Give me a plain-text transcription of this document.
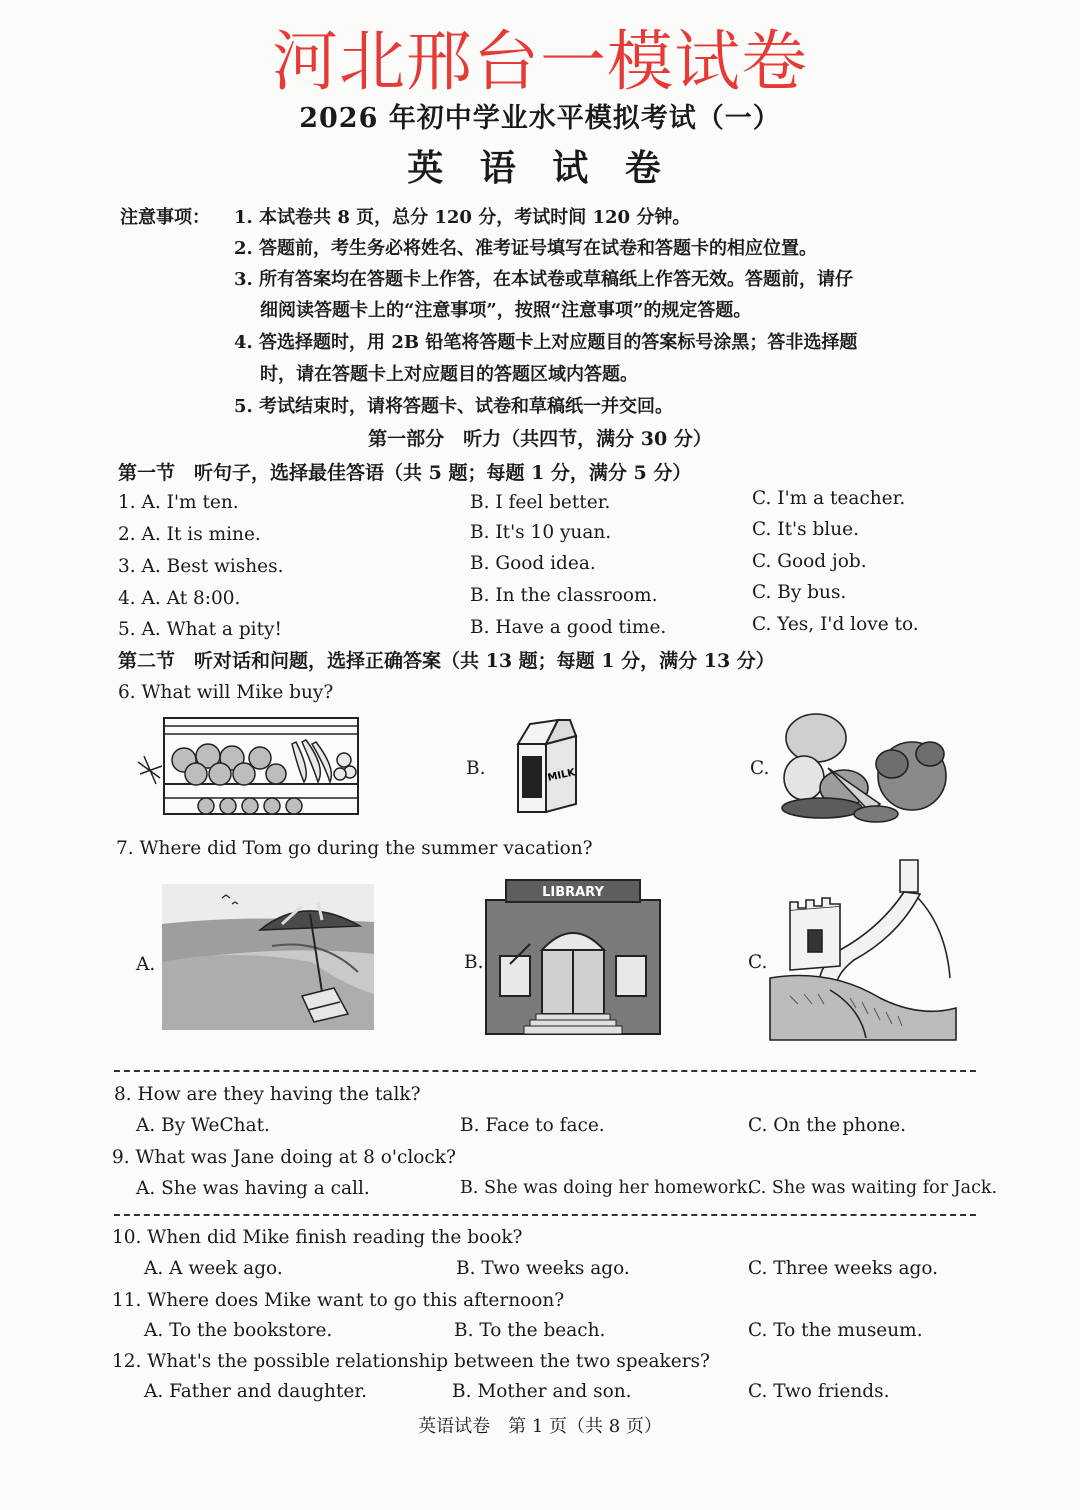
河北邢台一模试卷
2026 年初中学业水平模拟考试（一）
英 语 试 卷
注意事项： 1. 本试卷共 8 页，总分 120 分，考试时间 120 分钟。
2. 答题前，考生务必将姓名、准考证号填写在试卷和答题卡的相应位置。
3. 所有答案均在答题卡上作答，在本试卷或草稿纸上作答无效。答题前，请仔
细阅读答题卡上的“注意事项”，按照“注意事项”的规定答题。
4. 答选择题时，用 2B 铅笔将答题卡上对应题目的答案标号涂黑；答非选择题
时，请在答题卡上对应题目的答题区域内答题。
5. 考试结束时，请将答题卡、试卷和草稿纸一并交回。
第一部分　听力（共四节，满分 30 分）
第一节　听句子，选择最佳答语（共 5 题；每题 1 分，满分 5 分）
1. A. I'm ten.	B. I feel better.	C. I'm a teacher.
2. A. It is mine.	B. It's 10 yuan.	C. It's blue.
3. A. Best wishes.	B. Good idea.	C. Good job.
4. A. At 8:00.	B. In the classroom.	C. By bus.
5. A. What a pity!	B. Have a good time.	C. Yes, I'd love to.
第二节　听对话和问题，选择正确答案（共 13 题；每题 1 分，满分 13 分）
6. What will Mike buy?
B.	MILK	C.
7. Where did Tom go during the summer vacation?
A.	B.
LIBRARY
C.
8. How are they having the talk?
A. By WeChat.	B. Face to face.	C. On the phone.
9. What was Jane doing at 8 o'clock?
A. She was having a call.	B. She was doing her homework.
C. She was waiting for Jack.
10. When did Mike finish reading the book?
A. A week ago.	B. Two weeks ago.	C. Three weeks ago.
11. Where does Mike want to go this afternoon?
A. To the bookstore.	B. To the beach.	C. To the museum.
12. What's the possible relationship between the two speakers?
A. Father and daughter.	B. Mother and son.	C. Two friends.
英语试卷　第 1 页（共 8 页）
